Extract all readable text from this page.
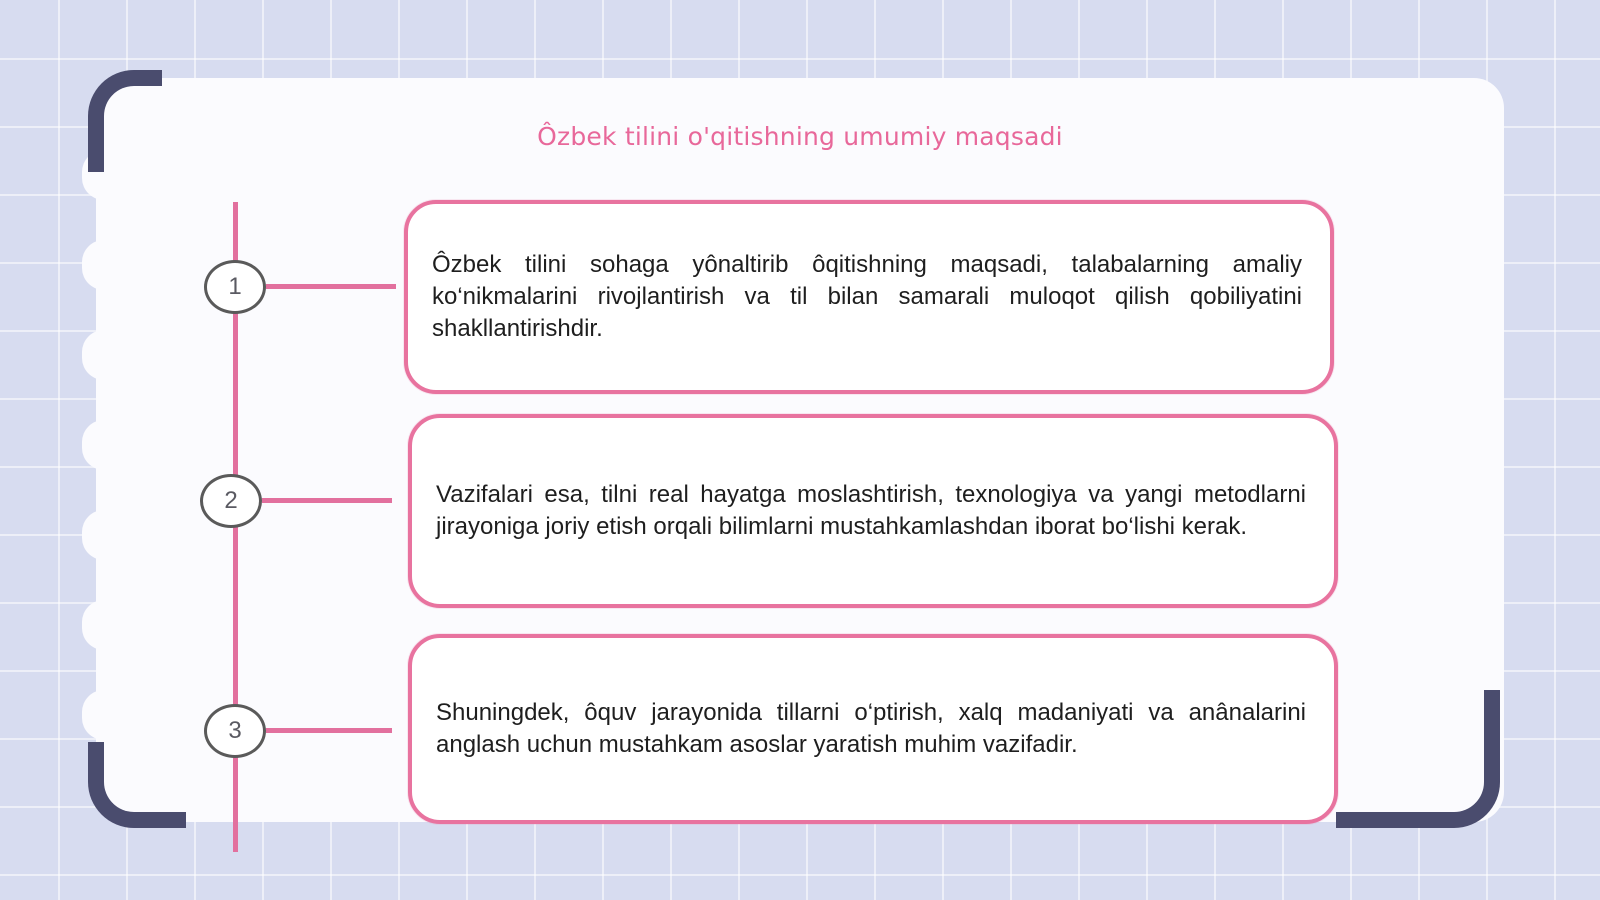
Ôzbek tilini o'qitishning umumiy maqsadi
1
2
3

Ôzbek tilini sohaga yônaltirib ôqitishning maqsadi, talabalarning amaliy ko‘nikmalarini rivojlantirish va til bilan samarali muloqot qilish qobiliyatini shakllantirishdir.

Vazifalari esa, tilni real hayatga moslashtirish, texnologiya va yangi metodlarni jirayoniga joriy etish orqali bilimlarni mustahkamlashdan iborat bo‘lishi kerak.

Shuningdek, ôquv jarayonida tillarni o‘ptirish, xalq madaniyati va anânalarini anglash uchun mustahkam asoslar yaratish muhim vazifadir.
